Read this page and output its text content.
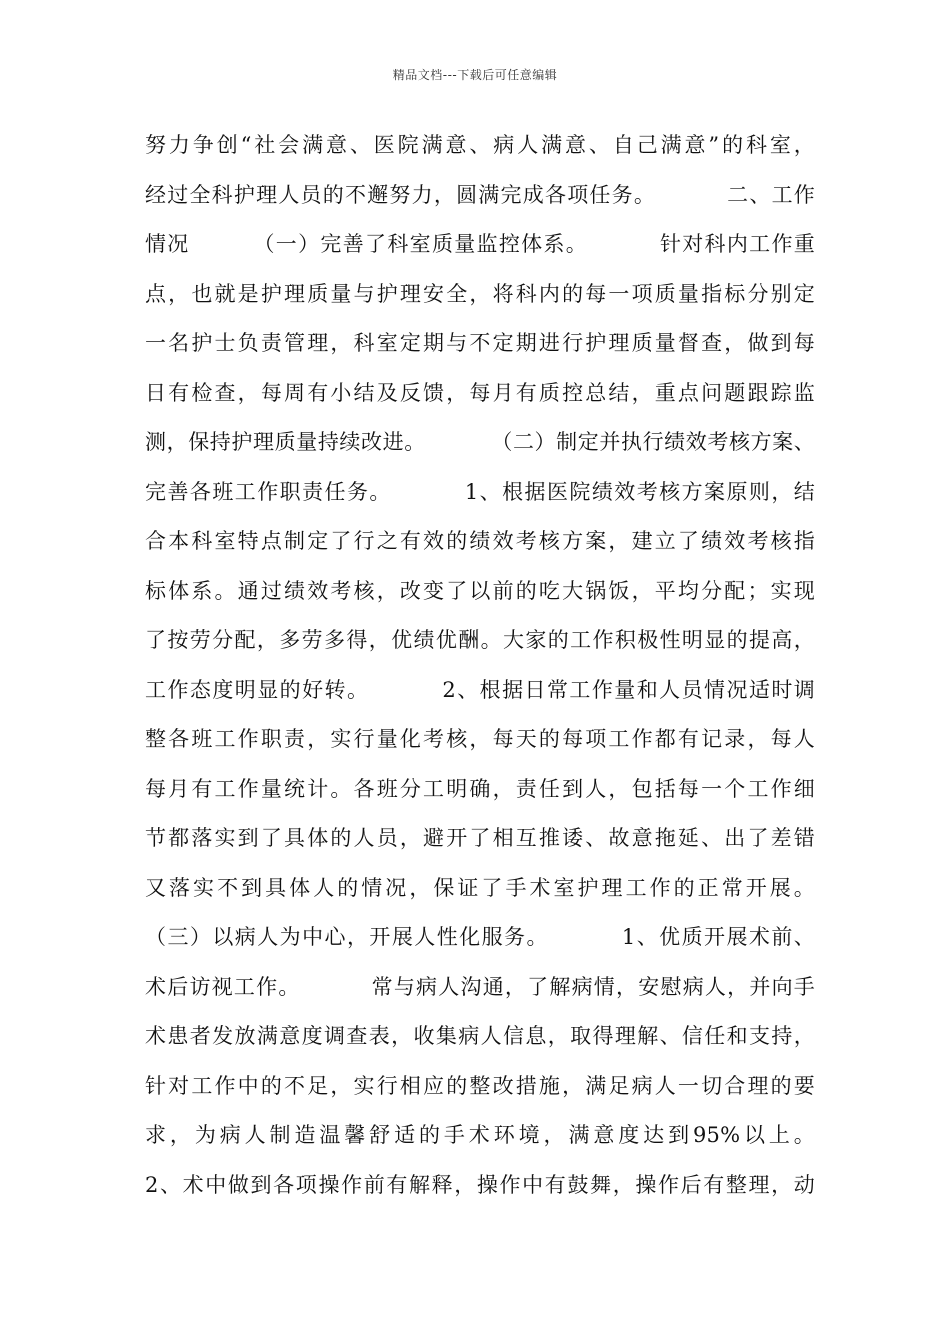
精品文档---下载后可任意编辑
努力争创“社会满意、医院满意、病人满意、自己满意”的科室，
经过全科护理人员的不邂努力，圆满完成各项任务。         二、工作
情况        （一）完善了科室质量监控体系。         针对科内工作重
点，也就是护理质量与护理安全，将科内的每一项质量指标分别定
一名护士负责管理，科室定期与不定期进行护理质量督查，做到每
日有检查，每周有小结及反馈，每月有质控总结，重点问题跟踪监
测，保持护理质量持续改进。         （二）制定并执行绩效考核方案、
完善各班工作职责任务。         1、根据医院绩效考核方案原则，结
合本科室特点制定了行之有效的绩效考核方案，建立了绩效考核指
标体系。通过绩效考核，改变了以前的吃大锅饭，平均分配；实现
了按劳分配，多劳多得，优绩优酬。大家的工作积极性明显的提高，
工作态度明显的好转。         2、根据日常工作量和人员情况适时调
整各班工作职责，实行量化考核，每天的每项工作都有记录，每人
每月有工作量统计。各班分工明确，责任到人，包括每一个工作细
节都落实到了具体的人员，避开了相互推诿、故意拖延、出了差错
又落实不到具体人的情况，保证了手术室护理工作的正常开展。
（三）以病人为中心，开展人性化服务。         1、优质开展术前、
术后访视工作。         常与病人沟通，了解病情，安慰病人，并向手
术患者发放满意度调查表，收集病人信息，取得理解、信任和支持，
针对工作中的不足，实行相应的整改措施，满足病人一切合理的要
求，为病人制造温馨舒适的手术环境，满意度达到95%以上。
2、术中做到各项操作前有解释，操作中有鼓舞，操作后有整理，动
